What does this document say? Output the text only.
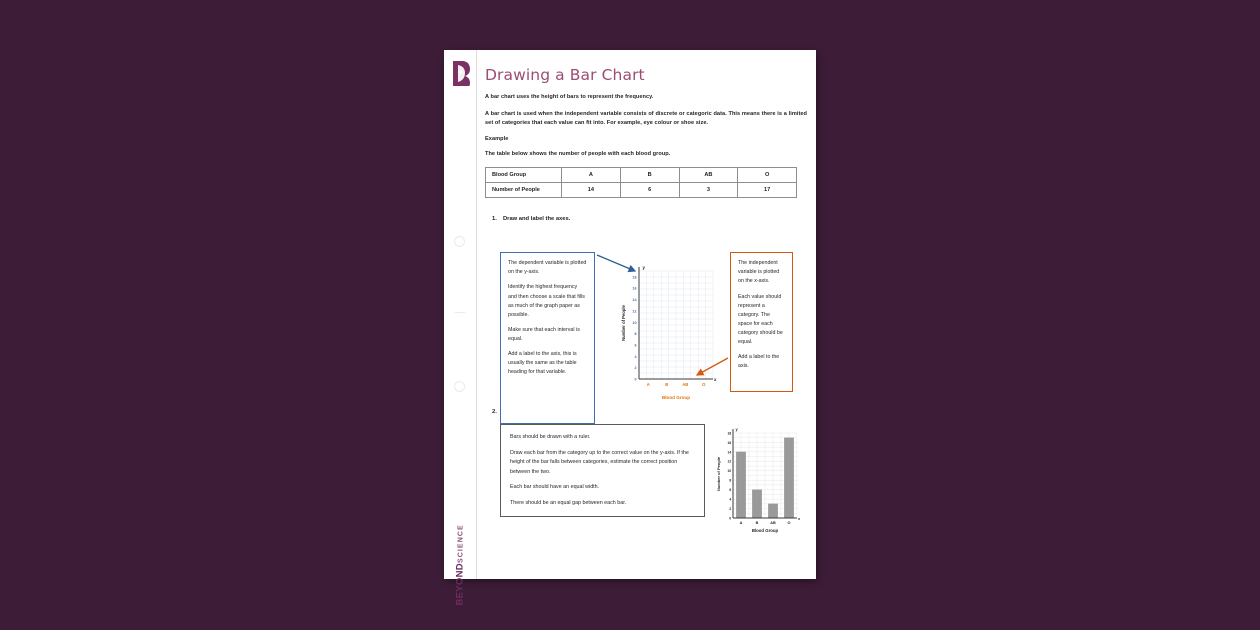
BEYONDSCIENCE
Drawing a Bar Chart

A bar chart uses the height of bars to represent the frequency.

A bar chart is used when the independent variable consists of discrete or categoric data. This means there is a limited set of categories that each value can fit into. For example, eye colour or shoe size.

Example

The table below shows the number of people with each blood group.

Blood Group	A	B	AB	O
Number of People	14	6	3	17
1. Draw and label the axes.

The dependent variable is plotted on the y-axis.

Identify the highest frequency and then choose a scale that fills as much of the graph paper as possible.

Make sure that each interval is equal.

Add a label to the axis, this is usually the same as the table heading for that variable.

The independent variable is plotted on the x-axis.

Each value should represent a category. The space for each category should be equal.

Add a label to the axis.

y
x
0
2
4
6
8
10
12
14
16
18
A	B	AB	O
Number of People
Blood Group
2.

Bars should be drawn with a ruler.

Draw each bar from the category up to the correct value on the y-axis. If the height of the bar falls between categories, estimate the correct position between the two.

Each bar should have an equal width.

There should be an equal gap between each bar.

y
x
0
2
4
6
8
10
12
14
16
18
A	B	AB	O
Number of People
Blood Group
